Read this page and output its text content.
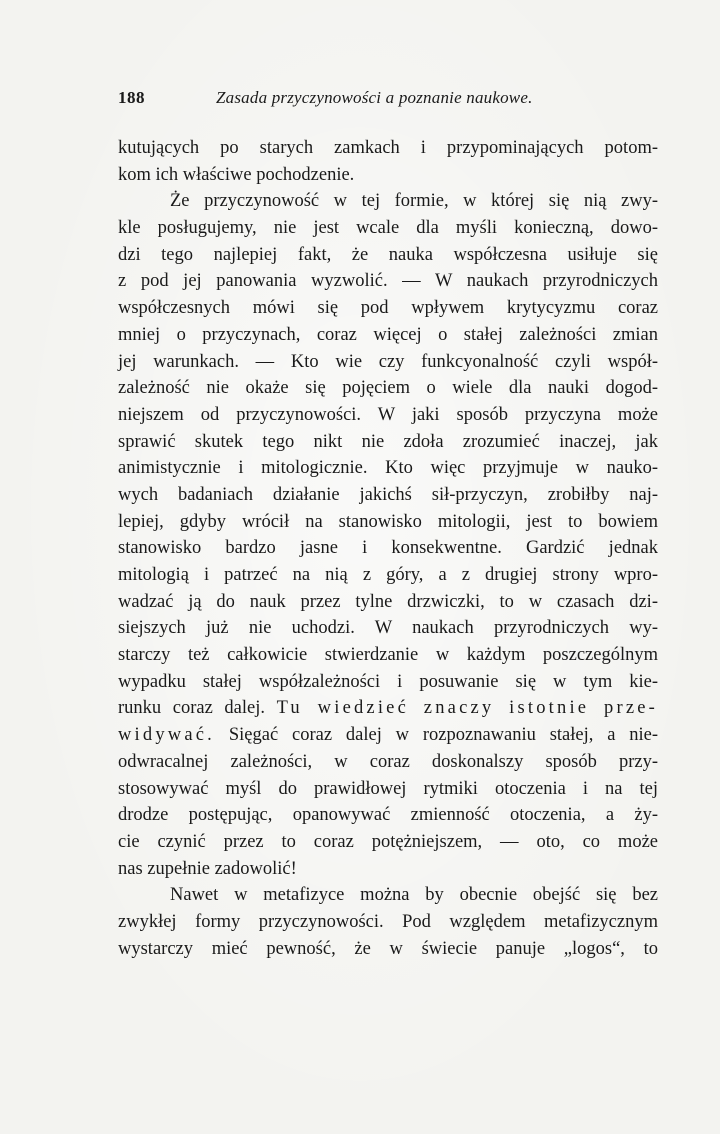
188	Zasada przyczynowości a poznanie naukowe.
kutujących po starych zamkach i przypominających potom-
kom ich właściwe pochodzenie.
Że przyczynowość w tej formie, w której się nią zwy-
kle posługujemy, nie jest wcale dla myśli konieczną, dowo-
dzi tego najlepiej fakt, że nauka współczesna usiłuje się
z pod jej panowania wyzwolić. — W naukach przyrodniczych
współczesnych mówi się pod wpływem krytycyzmu coraz
mniej o przyczynach, coraz więcej o stałej zależności zmian
jej warunkach. — Kto wie czy funkcyonalność czyli współ-
zależność nie okaże się pojęciem o wiele dla nauki dogod-
niejszem od przyczynowości. W jaki sposób przyczyna może
sprawić skutek tego nikt nie zdoła zrozumieć inaczej, jak
animistycznie i mitologicznie. Kto więc przyjmuje w nauko-
wych badaniach działanie jakichś sił-przyczyn, zrobiłby naj-
lepiej, gdyby wrócił na stanowisko mitologii, jest to bowiem
stanowisko bardzo jasne i konsekwentne. Gardzić jednak
mitologią i patrzeć na nią z góry, a z drugiej strony wpro-
wadzać ją do nauk przez tylne drzwiczki, to w czasach dzi-
siejszych już nie uchodzi. W naukach przyrodniczych wy-
starczy też całkowicie stwierdzanie w każdym poszczególnym
wypadku stałej współzależności i posuwanie się w tym kie-
runku coraz dalej. Tu wiedzieć znaczy istotnie prze-
widywać. Sięgać coraz dalej w rozpoznawaniu stałej, a nie-
odwracalnej zależności, w coraz doskonalszy sposób przy-
stosowywać myśl do prawidłowej rytmiki otoczenia i na tej
drodze postępując, opanowywać zmienność otoczenia, a ży-
cie czynić przez to coraz potężniejszem, — oto, co może
nas zupełnie zadowolić!
Nawet w metafizyce można by obecnie obejść się bez
zwykłej formy przyczynowości. Pod względem metafizycznym
wystarczy mieć pewność, że w świecie panuje „logos“, to
